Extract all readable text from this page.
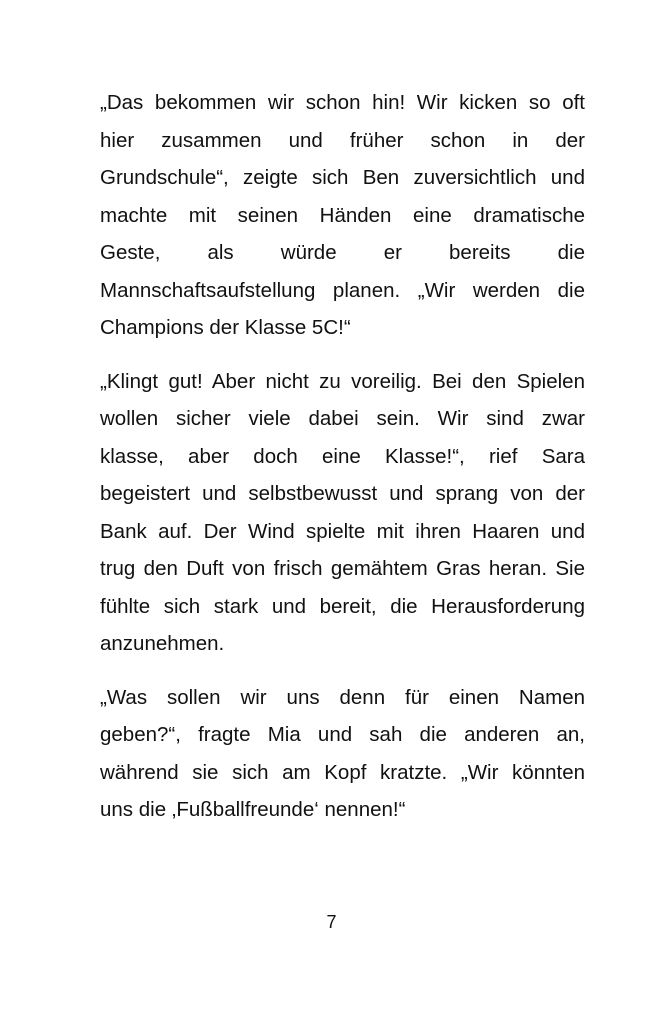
„Das bekommen wir schon hin! Wir kicken so oft
hier zusammen und früher schon in der
Grundschule“, zeigte sich Ben zuversichtlich und
machte mit seinen Händen eine dramatische
Geste, als würde er bereits die
Mannschaftsaufstellung planen. „Wir werden die
Champions der Klasse 5C!“

„Klingt gut! Aber nicht zu voreilig. Bei den Spielen
wollen sicher viele dabei sein. Wir sind zwar
klasse, aber doch eine Klasse!“, rief Sara
begeistert und selbstbewusst und sprang von der
Bank auf. Der Wind spielte mit ihren Haaren und
trug den Duft von frisch gemähtem Gras heran. Sie
fühlte sich stark und bereit, die Herausforderung
anzunehmen.

„Was sollen wir uns denn für einen Namen
geben?“, fragte Mia und sah die anderen an,
während sie sich am Kopf kratzte. „Wir könnten
uns die ‚Fußballfreunde‘ nennen!“

7
